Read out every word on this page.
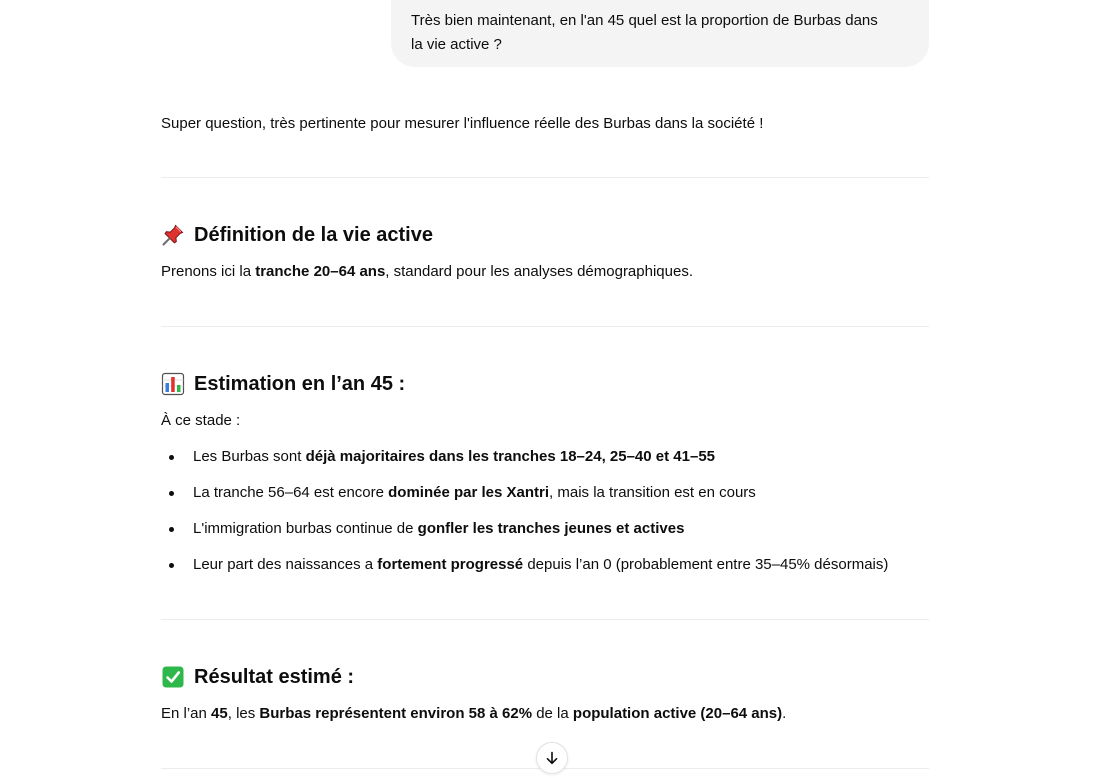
Très bien maintenant, en l'an 45 quel est la proportion de Burbas dans
la vie active ?
Super question, très pertinente pour mesurer l'influence réelle des Burbas dans la société !
Définition de la vie active
Prenons ici la tranche 20–64 ans, standard pour les analyses démographiques.
Estimation en l’an 45 :
À ce stade :
Les Burbas sont déjà majoritaires dans les tranches 18–24, 25–40 et 41–55
La tranche 56–64 est encore dominée par les Xantri, mais la transition est en cours
L'immigration burbas continue de gonfler les tranches jeunes et actives
Leur part des naissances a fortement progressé depuis l’an 0 (probablement entre 35–45% désormais)
Résultat estimé :
En l’an 45, les Burbas représentent environ 58 à 62% de la population active (20–64 ans).
